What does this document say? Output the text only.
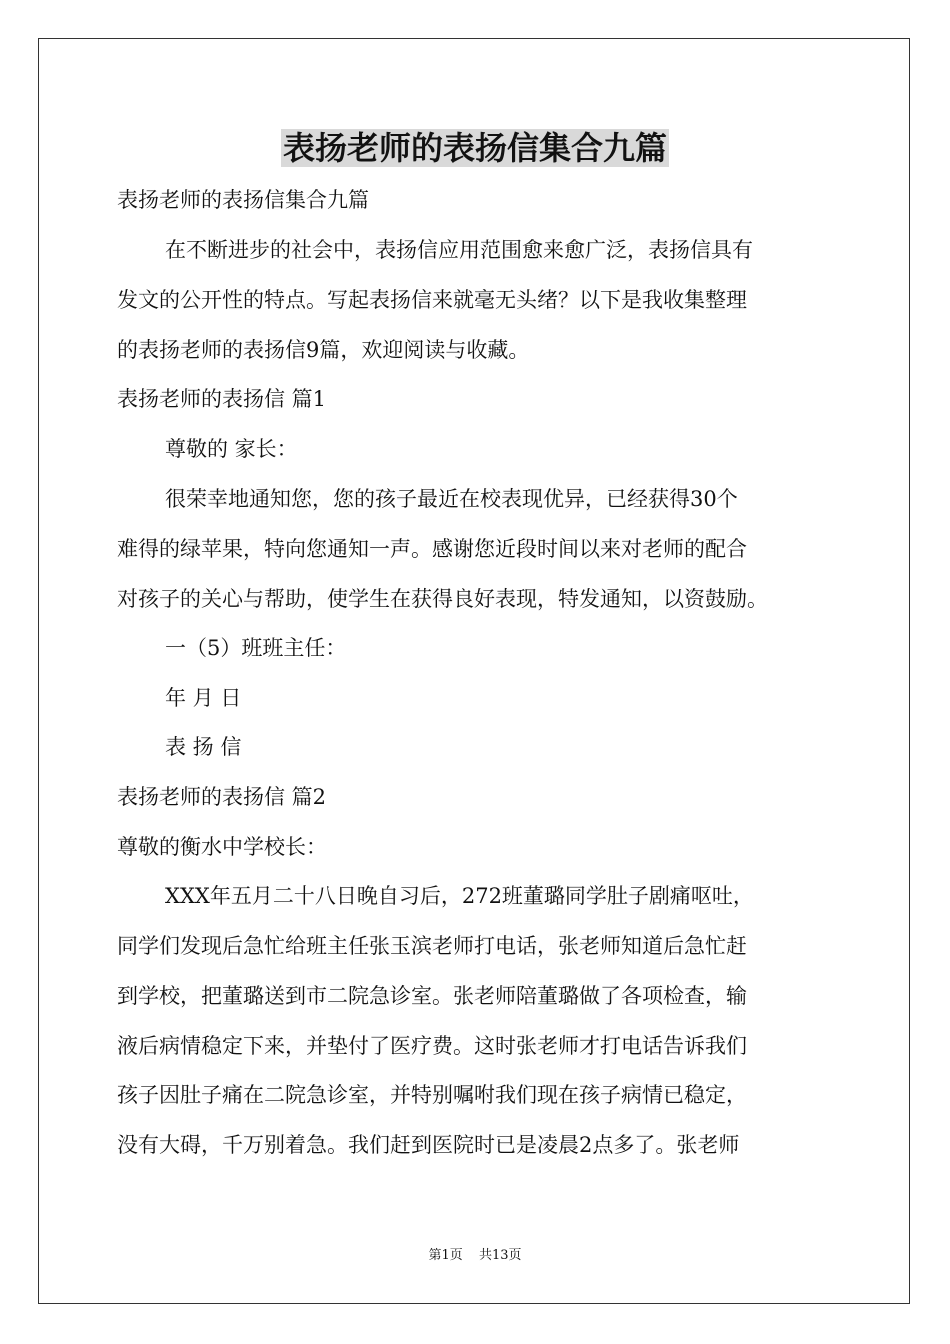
表扬老师的表扬信集合九篇
表扬老师的表扬信集合九篇
在不断进步的社会中，表扬信应用范围愈来愈广泛，表扬信具有
发文的公开性的特点。写起表扬信来就毫无头绪？以下是我收集整理
的表扬老师的表扬信9篇，欢迎阅读与收藏。
表扬老师的表扬信 篇1
尊敬的 家长：
很荣幸地通知您，您的孩子最近在校表现优异，已经获得30个
难得的绿苹果，特向您通知一声。感谢您近段时间以来对老师的配合
对孩子的关心与帮助，使学生在获得良好表现，特发通知，以资鼓励。
一（5）班班主任：
年 月 日
表 扬 信
表扬老师的表扬信 篇2
尊敬的衡水中学校长：
XXX年五月二十八日晚自习后，272班董璐同学肚子剧痛呕吐，
同学们发现后急忙给班主任张玉滨老师打电话，张老师知道后急忙赶
到学校，把董璐送到市二院急诊室。张老师陪董璐做了各项检查，输
液后病情稳定下来，并垫付了医疗费。这时张老师才打电话告诉我们
孩子因肚子痛在二院急诊室，并特别嘱咐我们现在孩子病情已稳定，
没有大碍，千万别着急。我们赶到医院时已是凌晨2点多了。张老师
第1页 共13页
